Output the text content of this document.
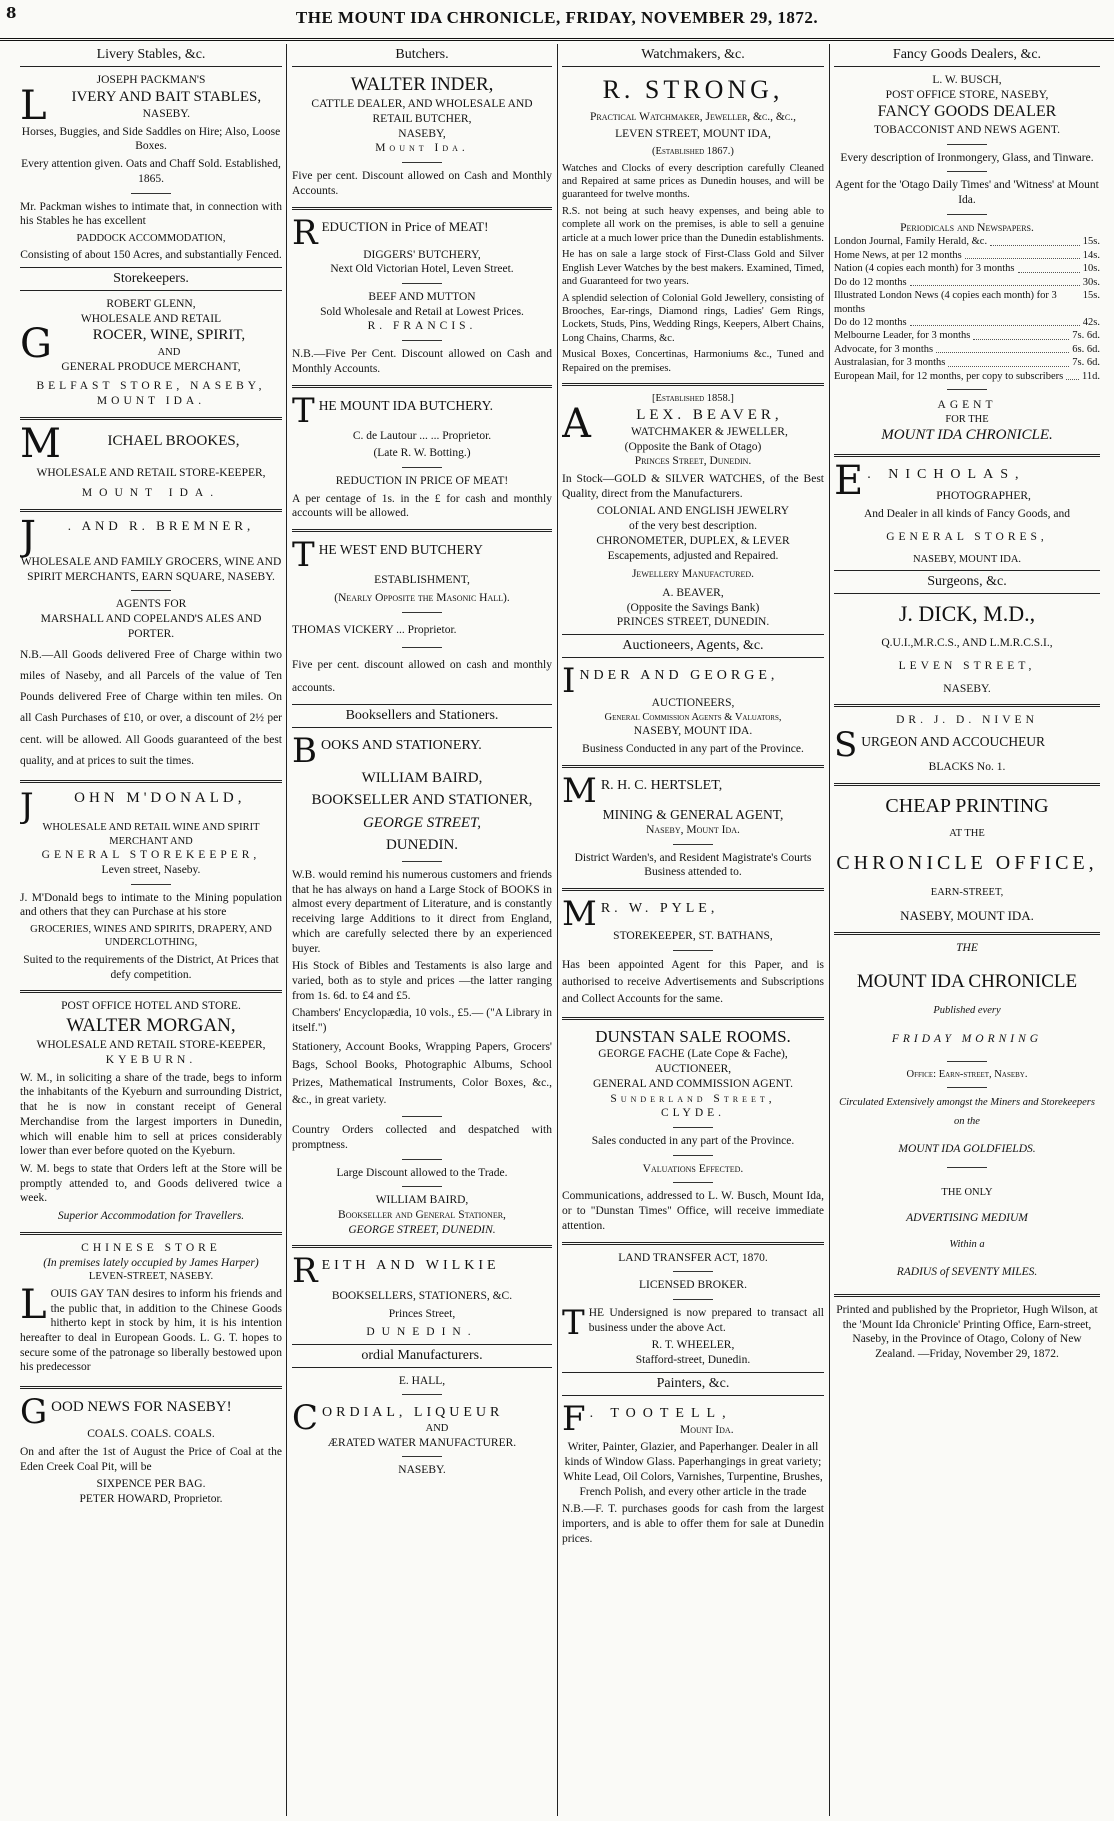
8	THE MOUNT IDA CHRONICLE, FRIDAY, NOVEMBER 29, 1872.
Livery Stables, &c.
JOSEPH PACKMAN'S
L	IVERY AND BAIT STABLES,
NASEBY.

Horses, Buggies, and Side Saddles on Hire; Also, Loose Boxes.

Every attention given. Oats and Chaff Sold. Established, 1865.

Mr. Packman wishes to intimate that, in connection with his Stables he has excellent

PADDOCK ACCOMMODATION,

Consisting of about 150 Acres, and substantially Fenced.

Storekeepers.
ROBERT GLENN,
WHOLESALE AND RETAIL
G	ROCER, WINE, SPIRIT,
AND
GENERAL PRODUCE MERCHANT,
BELFAST STORE, NASEBY, MOUNT IDA.
M	ICHAEL BROOKES,

WHOLESALE AND RETAIL STORE-KEEPER,

MOUNT IDA.
J	. AND R. BREMNER,

WHOLESALE AND FAMILY GROCERS, WINE AND SPIRIT MERCHANTS, EARN SQUARE, NASEBY.

AGENTS FOR
MARSHALL AND COPELAND'S ALES AND PORTER.

N.B.—All Goods delivered Free of Charge within two miles of Naseby, and all Parcels of the value of Ten Pounds delivered Free of Charge within ten miles. On all Cash Purchases of £10, or over, a discount of 2½ per cent. will be allowed. All Goods guaranteed of the best quality, and at prices to suit the times.

J	OHN M'DONALD,
WHOLESALE AND RETAIL WINE AND SPIRIT MERCHANT AND
GENERAL STOREKEEPER,
Leven street, Naseby.

J. M'Donald begs to intimate to the Mining population and others that they can Purchase at his store

GROCERIES, WINES AND SPIRITS, DRAPERY, AND UNDERCLOTHING,

Suited to the requirements of the District, At Prices that defy competition.

POST OFFICE HOTEL AND STORE.
WALTER MORGAN,
WHOLESALE AND RETAIL STORE-KEEPER,
KYEBURN.

W. M., in soliciting a share of the trade, begs to inform the inhabitants of the Kyeburn and surrounding District, that he is now in constant receipt of General Merchandise from the largest importers in Dunedin, which will enable him to sell at prices considerably lower than ever before quoted on the Kyeburn.

W. M. begs to state that Orders left at the Store will be promptly attended to, and Goods delivered twice a week.

Superior Accommodation for Travellers.

CHINESE STORE
(In premises lately occupied by James Harper)
LEVEN-STREET, NASEBY.

LOUIS GAY TAN desires to inform his friends and the public that, in addition to the Chinese Goods hitherto kept in stock by him, it is his intention hereafter to deal in European Goods. L. G. T. hopes to secure some of the patronage so liberally bestowed upon his predecessor

G OOD NEWS FOR NASEBY!
COALS. COALS. COALS.

On and after the 1st of August the Price of Coal at the Eden Creek Coal Pit, will be

SIXPENCE PER BAG.
PETER HOWARD, Proprietor.
Butchers.
WALTER INDER,
CATTLE DEALER, AND WHOLESALE AND RETAIL BUTCHER,
NASEBY,
Mount Ida.

Five per cent. Discount allowed on Cash and Monthly Accounts.

R EDUCTION in Price of MEAT!
DIGGERS' BUTCHERY,
Next Old Victorian Hotel, Leven Street.
BEEF AND MUTTON
Sold Wholesale and Retail at Lowest Prices.
R. FRANCIS.

N.B.—Five Per Cent. Discount allowed on Cash and Monthly Accounts.

T HE MOUNT IDA BUTCHERY.

C. de Lautour ... ... Proprietor.

(Late R. W. Botting.)

REDUCTION IN PRICE OF MEAT!

A per centage of 1s. in the £ for cash and monthly accounts will be allowed.

T HE WEST END BUTCHERY

ESTABLISHMENT,

(Nearly Opposite the Masonic Hall).

THOMAS VICKERY ... Proprietor.

Five per cent. discount allowed on cash and monthly accounts.

Booksellers and Stationers.
B OOKS AND STATIONERY.

WILLIAM BAIRD,

BOOKSELLER AND STATIONER,

GEORGE STREET,

DUNEDIN.

W.B. would remind his numerous customers and friends that he has always on hand a Large Stock of BOOKS in almost every department of Literature, and is constantly receiving large Additions to it direct from England, which are carefully selected there by an experienced buyer.

His Stock of Bibles and Testaments is also large and varied, both as to style and prices —the latter ranging from 1s. 6d. to £4 and £5.

Chambers' Encyclopædia, 10 vols., £5.— ("A Library in itself.")

Stationery, Account Books, Wrapping Papers, Grocers' Bags, School Books, Photographic Albums, School Prizes, Mathematical Instruments, Color Boxes, &c., &c., in great variety.

Country Orders collected and despatched with promptness.

Large Discount allowed to the Trade.

WILLIAM BAIRD,
Bookseller and General Stationer,
GEORGE STREET, DUNEDIN.
R EITH AND WILKIE

BOOKSELLERS, STATIONERS, &C.

Princes Street,

DUNEDIN.

ordial Manufacturers.
E. HALL,
C ORDIAL, LIQUEUR
AND
ÆRATED WATER MANUFACTURER.
NASEBY.
Watchmakers, &c.
R. STRONG,

Practical Watchmaker, Jeweller, &c., &c.,

LEVEN STREET, MOUNT IDA,

(Established 1867.)

Watches and Clocks of every description carefully Cleaned and Repaired at same prices as Dunedin houses, and will be guaranteed for twelve months.

R.S. not being at such heavy expenses, and being able to complete all work on the premises, is able to sell a genuine article at a much lower price than the Dunedin establishments.

He has on sale a large stock of First-Class Gold and Silver English Lever Watches by the best makers. Examined, Timed, and Guaranteed for two years.

A splendid selection of Colonial Gold Jewellery, consisting of Brooches, Ear-rings, Diamond rings, Ladies' Gem Rings, Lockets, Studs, Pins, Wedding Rings, Keepers, Albert Chains, Long Chains, Charms, &c.

Musical Boxes, Concertinas, Harmoniums &c., Tuned and Repaired on the premises.

[Established 1858.]
A	LEX. BEAVER,
WATCHMAKER & JEWELLER,
(Opposite the Bank of Otago)
Princes Street, Dunedin.

In Stock—GOLD & SILVER WATCHES, of the Best Quality, direct from the Manufacturers.

COLONIAL AND ENGLISH JEWELRY
of the very best description.
CHRONOMETER, DUPLEX, & LEVER
Escapements, adjusted and Repaired.
Jewellery Manufactured.
A. BEAVER,
(Opposite the Savings Bank)
PRINCES STREET, DUNEDIN.
Auctioneers, Agents, &c.
I NDER AND GEORGE,
AUCTIONEERS,
General Commission Agents & Valuators,
NASEBY, MOUNT IDA.

Business Conducted in any part of the Province.

M R. H. C. HERTSLET,
MINING & GENERAL AGENT,
Naseby, Mount Ida.

District Warden's, and Resident Magistrate's Courts Business attended to.

M R. W. PYLE,
STOREKEEPER, ST. BATHANS,

Has been appointed Agent for this Paper, and is authorised to receive Advertisements and Subscriptions and Collect Accounts for the same.

DUNSTAN SALE ROOMS.
GEORGE FACHE (Late Cope & Fache),
AUCTIONEER,
GENERAL AND COMMISSION AGENT.
Sunderland Street,
CLYDE.

Sales conducted in any part of the Province.

Valuations Effected.

Communications, addressed to L. W. Busch, Mount Ida, or to "Dunstan Times" Office, will receive immediate attention.

LAND TRANSFER ACT, 1870.
LICENSED BROKER.

THE Undersigned is now prepared to transact all business under the above Act.

R. T. WHEELER,
Stafford-street, Dunedin.
Painters, &c.
F . TOOTELL,
Mount Ida.

Writer, Painter, Glazier, and Paperhanger. Dealer in all kinds of Window Glass. Paperhangings in great variety; White Lead, Oil Colors, Varnishes, Turpentine, Brushes, French Polish, and every other article in the trade

N.B.—F. T. purchases goods for cash from the largest importers, and is able to offer them for sale at Dunedin prices.

Fancy Goods Dealers, &c.
L. W. BUSCH,
POST OFFICE STORE, NASEBY,
FANCY GOODS DEALER
TOBACCONIST AND NEWS AGENT.

Every description of Ironmongery, Glass, and Tinware.

Agent for the 'Otago Daily Times' and 'Witness' at Mount Ida.

Periodicals and Newspapers.
London Journal, Family Herald, &c.	15s.
Home News, at per 12 months	14s.
Nation (4 copies each month) for 3 months	10s.
Do do 12 months	30s.
Illustrated London News (4 copies each month) for 3 months
15s.
Do do 12 months	42s.
Melbourne Leader, for 3 months	7s. 6d.
Advocate, for 3 months	6s. 6d.
Australasian, for 3 months	7s. 6d.
European Mail, for 12 months, per copy to subscribers 11d.
AGENT
FOR THE
MOUNT IDA CHRONICLE.
E . NICHOLAS,
PHOTOGRAPHER,

And Dealer in all kinds of Fancy Goods, and

GENERAL STORES,

NASEBY, MOUNT IDA.
Surgeons, &c.
J. DICK, M.D.,

Q.U.I.,M.R.C.S., AND L.M.R.C.S.I.,

LEVEN STREET,

NASEBY.

DR. J. D. NIVEN
S URGEON AND ACCOUCHEUR
BLACKS No. 1.
CHEAP PRINTING
AT THE
CHRONICLE OFFICE,
EARN-STREET,
NASEBY, MOUNT IDA.
THE
MOUNT IDA CHRONICLE
Published every
FRIDAY MORNING
Office: Earn-street, Naseby.

Circulated Extensively amongst the Miners and Storekeepers on the

MOUNT IDA GOLDFIELDS.
THE ONLY
ADVERTISING MEDIUM
Within a
RADIUS of SEVENTY MILES.

Printed and published by the Proprietor, Hugh Wilson, at the 'Mount Ida Chronicle' Printing Office, Earn-street, Naseby, in the Province of Otago, Colony of New Zealand. —Friday, November 29, 1872.
